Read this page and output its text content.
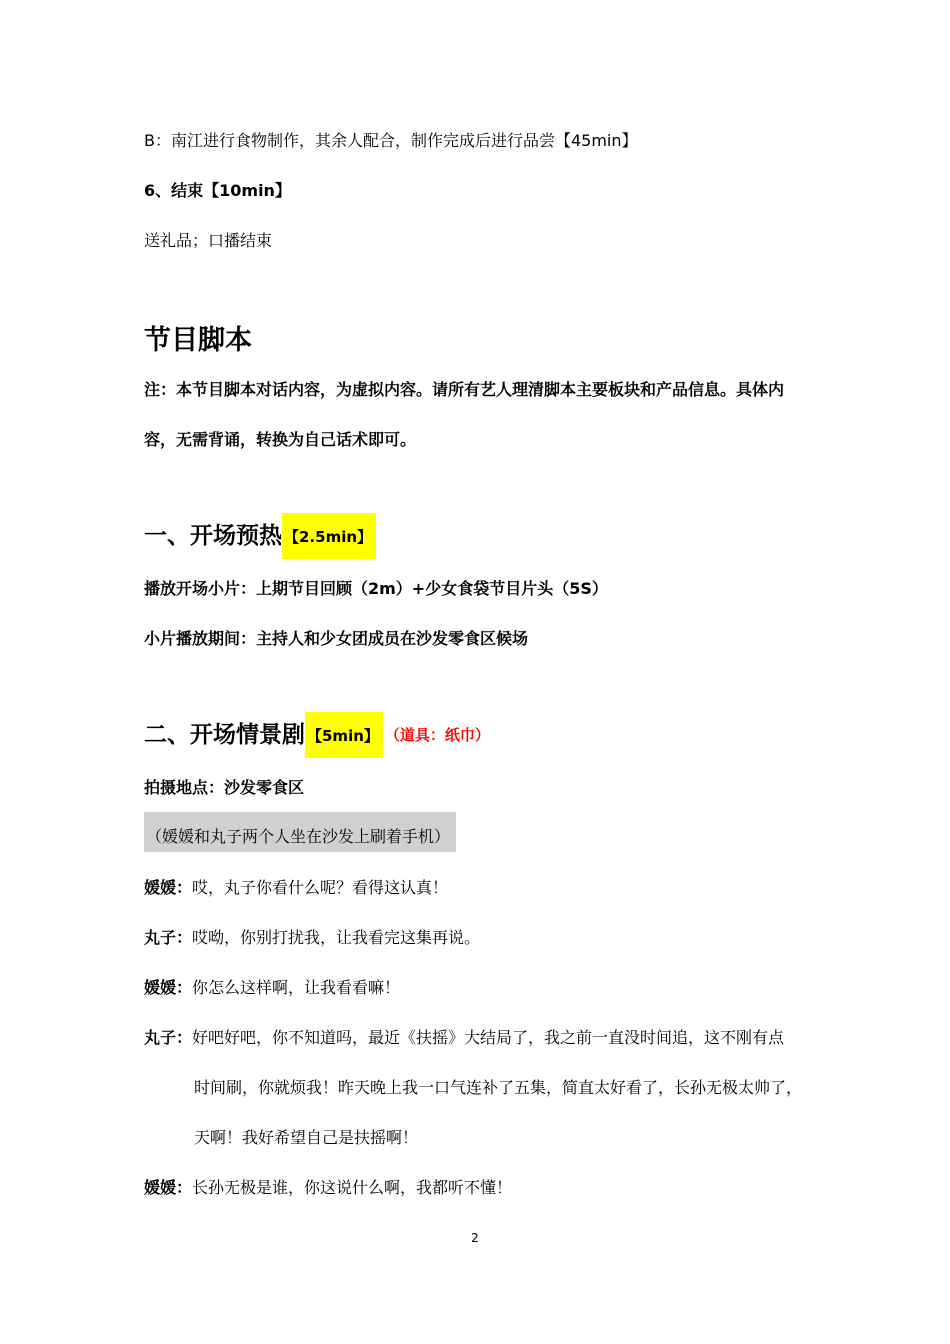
B：南江进行食物制作，其余人配合，制作完成后进行品尝【45min】
6、结束【10min】
送礼品；口播结束
节目脚本
注：本节目脚本对话内容，为虚拟内容。请所有艺人理清脚本主要板块和产品信息。具体内
容，无需背诵，转换为自己话术即可。
一、开场预热 【2.5min】
播放开场小片：上期节目回顾（2m）+少女食袋节目片头（5S）
小片播放期间：主持人和少女团成员在沙发零食区候场
二、开场情景剧 【5min】 （道具：纸巾）
拍摄地点：沙发零食区
（媛媛和丸子两个人坐在沙发上刷着手机）
媛媛：哎，丸子你看什么呢？看得这认真！
丸子：哎呦，你别打扰我，让我看完这集再说。
媛媛：你怎么这样啊，让我看看嘛！
丸子：好吧好吧，你不知道吗，最近《扶摇》大结局了，我之前一直没时间追，这不刚有点
时间刷，你就烦我！昨天晚上我一口气连补了五集，简直太好看了，长孙无极太帅了，
天啊！我好希望自己是扶摇啊！
媛媛：长孙无极是谁，你这说什么啊，我都听不懂！
2
